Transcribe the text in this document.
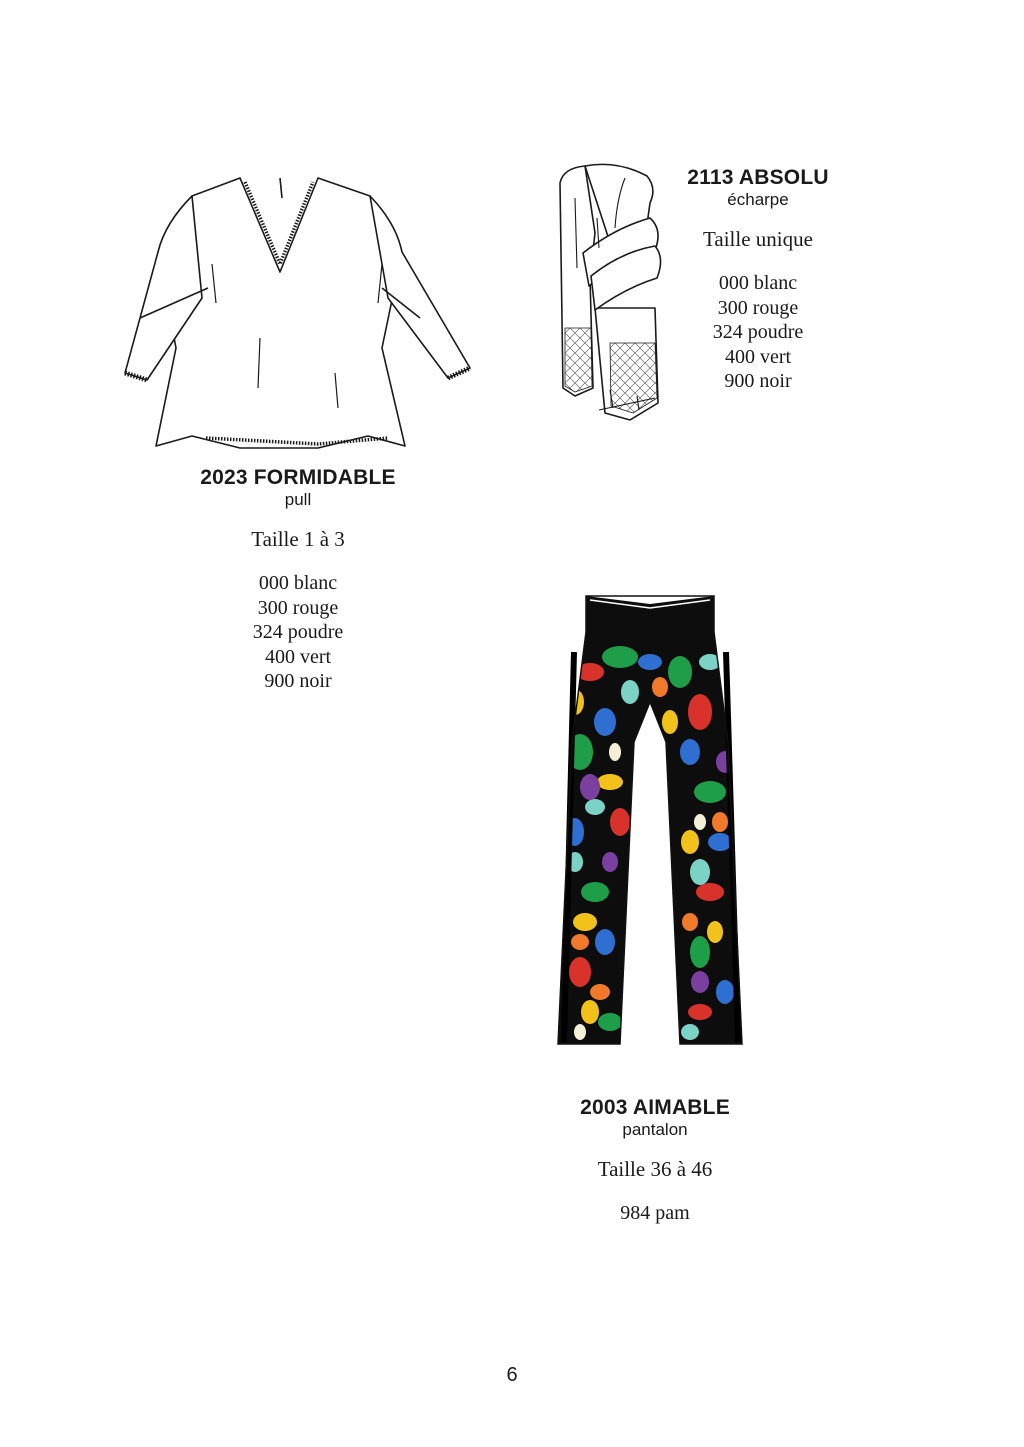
2023 FORMIDABLE
pull
Taille 1 à 3
000 blanc
300 rouge
324 poudre
400 vert
900 noir
2113 ABSOLU
écharpe
Taille unique
000 blanc
300 rouge
324 poudre
400 vert
900 noir
2003 AIMABLE
pantalon
Taille 36 à 46
984 pam
6
